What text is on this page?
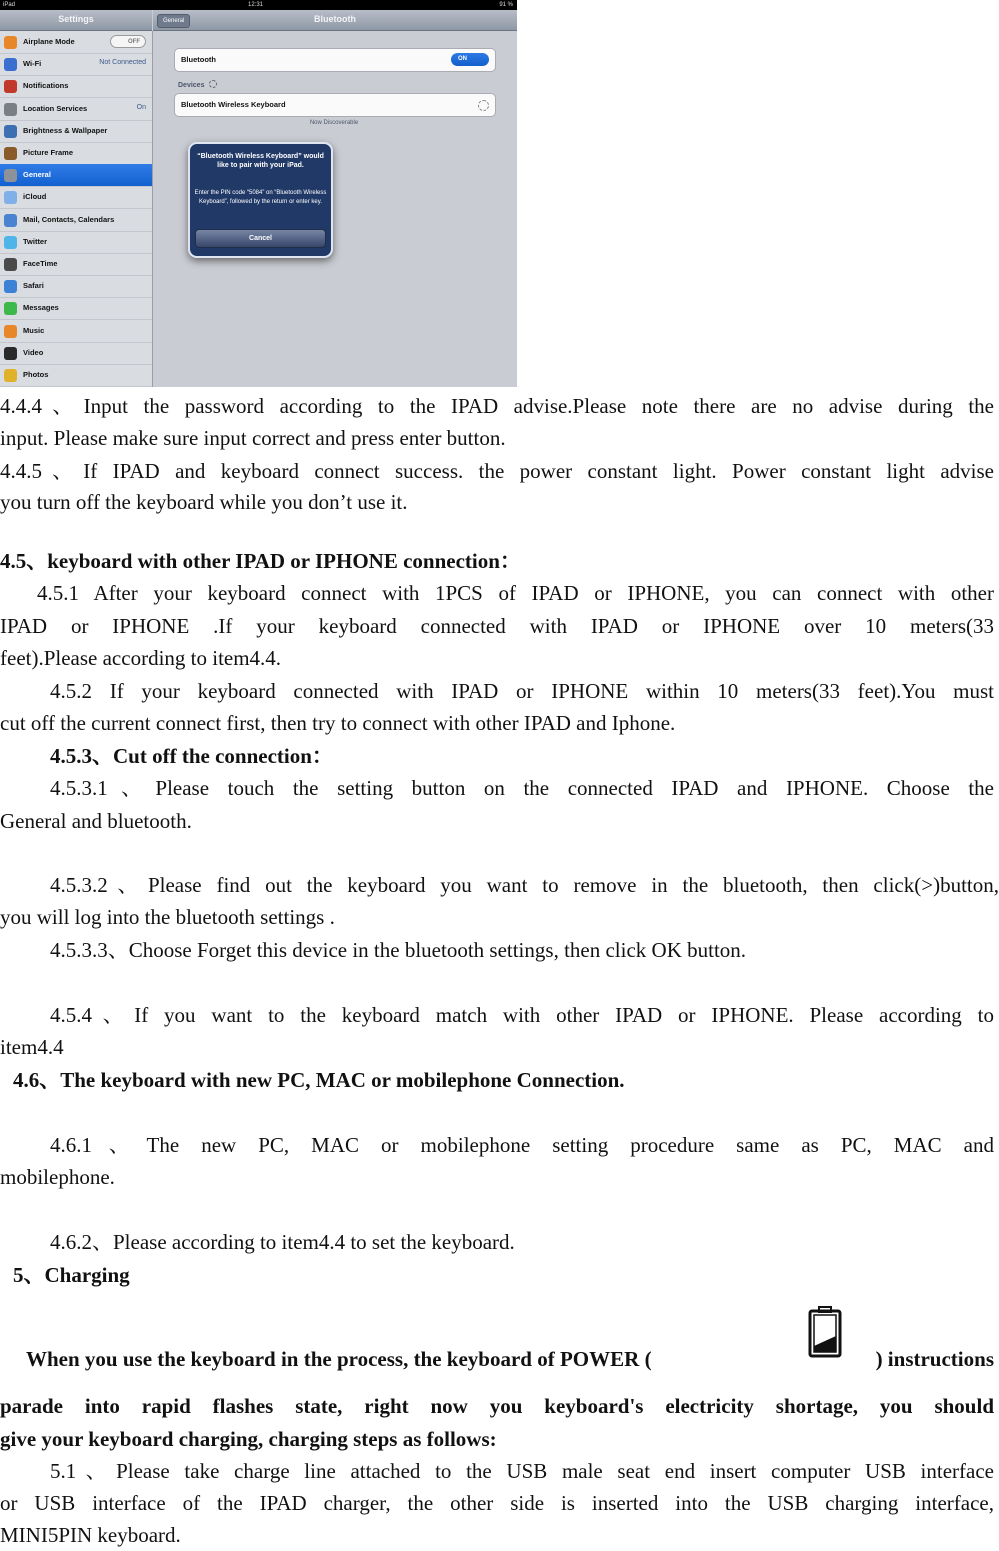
iPad	12:31	91 %
Settings
Airplane Mode	OFF
Wi-Fi	Not Connected
Notifications
Location Services	On
Brightness & Wallpaper
Picture Frame
General
iCloud
Mail, Contacts, Calendars
Twitter
FaceTime
Safari
Messages
Music
Video
Photos
General	Bluetooth
Bluetooth	ON
Devices
Bluetooth Wireless Keyboard
Now Discoverable
“Bluetooth Wireless Keyboard” would like to pair with your iPad.
Enter the PIN code “5084” on “Bluetooth Wireless Keyboard”, followed by the return or enter key.
Cancel
4.4.4、Input the password according to the IPAD advise.Please note there are no advise during the
input. Please make sure input correct and press enter button.
4.4.5、If IPAD and keyboard connect success. the power constant light. Power constant light advise
you turn off the keyboard while you don’t use it.
4.5、keyboard with other IPAD or IPHONE connection：
4.5.1 After your keyboard connect with 1PCS of IPAD or IPHONE, you can connect with other
IPAD or IPHONE .If your keyboard connected with IPAD or IPHONE over 10 meters(33
feet).Please according to item4.4.
4.5.2 If your keyboard connected with IPAD or IPHONE within 10 meters(33 feet).You must
cut off the current connect first, then try to connect with other IPAD and Iphone.
4.5.3、Cut off the connection：
4.5.3.1、Please touch the setting button on the connected IPAD and IPHONE. Choose the
General and bluetooth.
4.5.3.2、Please find out the keyboard you want to remove in the bluetooth, then click(>)button,
you will log into the bluetooth settings .
4.5.3.3、Choose Forget this device in the bluetooth settings, then click OK button.
4.5.4、If you want to the keyboard match with other IPAD or IPHONE. Please according to
item4.4
4.6、The keyboard with new PC, MAC or mobilephone Connection.
4.6.1、The new PC, MAC or mobilephone setting procedure same as PC, MAC and
mobilephone.
4.6.2、Please according to item4.4 to set the keyboard.
5、Charging
When you use the keyboard in the process, the keyboard of POWER (	) instructions
parade into rapid flashes state, right now you keyboard's electricity shortage, you should
give your keyboard charging, charging steps as follows:
5.1、Please take charge line attached to the USB male seat end insert computer USB interface
or USB interface of the IPAD charger, the other side is inserted into the USB charging interface,
MINI5PIN keyboard.
